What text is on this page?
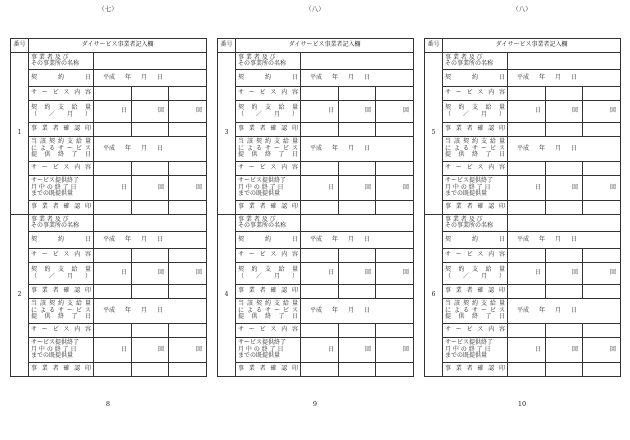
（七）
番号	ダイサービス事業者記入欄			
1	事 業 者 及 び
その事業所の名称			
	契　　約　　日	平成 年 月 日		
	サ ー ビ ス 内 容			
	契 約 支 給 量
（／月）	日	回	回
	事 業 者 確 認 印			
	当該契約支給量
によるサービス
提 供 終 了 日	平成 年 月 日		
	サ ー ビ ス 内 容			
	サービス提供終了
月 中 の 終 了 日
までの既提供量	日	回	回
	事 業 者 確 認 印			
2	事 業 者 及 び
その事業所の名称			
	契　　約　　日	平成 年 月 日		
	サ ー ビ ス 内 容			
	契 約 支 給 量
（／月）	日	回	回
	事 業 者 確 認 印			
	当該契約支給量
によるサービス
提 供 終 了 日	平成 年 月 日		
	サ ー ビ ス 内 容			
	サービス提供終了
月 中 の 終 了 日
までの既提供量	日	回	回
	事 業 者 確 認 印			
8
（八）
番号	ダイサービス事業者記入欄			
3	事 業 者 及 び
その事業所の名称			
	契　　約　　日	平成 年 月 日		
	サ ー ビ ス 内 容			
	契 約 支 給 量
（／月）	日	回	回
	事 業 者 確 認 印			
	当該契約支給量
によるサービス
提 供 終 了 日	平成 年 月 日		
	サ ー ビ ス 内 容			
	サービス提供終了
月 中 の 終 了 日
までの既提供量	日	回	回
	事 業 者 確 認 印			
4	事 業 者 及 び
その事業所の名称			
	契　　約　　日	平成 年 月 日		
	サ ー ビ ス 内 容			
	契 約 支 給 量
（／月）	日	回	回
	事 業 者 確 認 印			
	当該契約支給量
によるサービス
提 供 終 了 日	平成 年 月 日		
	サ ー ビ ス 内 容			
	サービス提供終了
月 中 の 終 了 日
までの既提供量	日	回	回
	事 業 者 確 認 印			
9
（八）
番号	ダイサービス事業者記入欄			
5	事 業 者 及 び
その事業所の名称			
	契　　約　　日	平成 年 月 日		
	サ ー ビ ス 内 容			
	契 約 支 給 量
（／月）	日	回	回
	事 業 者 確 認 印			
	当該契約支給量
によるサービス
提 供 終 了 日	平成 年 月 日		
	サ ー ビ ス 内 容			
	サービス提供終了
月 中 の 終 了 日
までの既提供量	日	回	回
	事 業 者 確 認 印			
6	事 業 者 及 び
その事業所の名称			
	契　　約　　日	平成 年 月 日		
	サ ー ビ ス 内 容			
	契 約 支 給 量
（／月）	日	回	回
	事 業 者 確 認 印			
	当該契約支給量
によるサービス
提 供 終 了 日	平成 年 月 日		
	サ ー ビ ス 内 容			
	サービス提供終了
月 中 の 終 了 日
までの既提供量	日	回	回
	事 業 者 確 認 印			
10
